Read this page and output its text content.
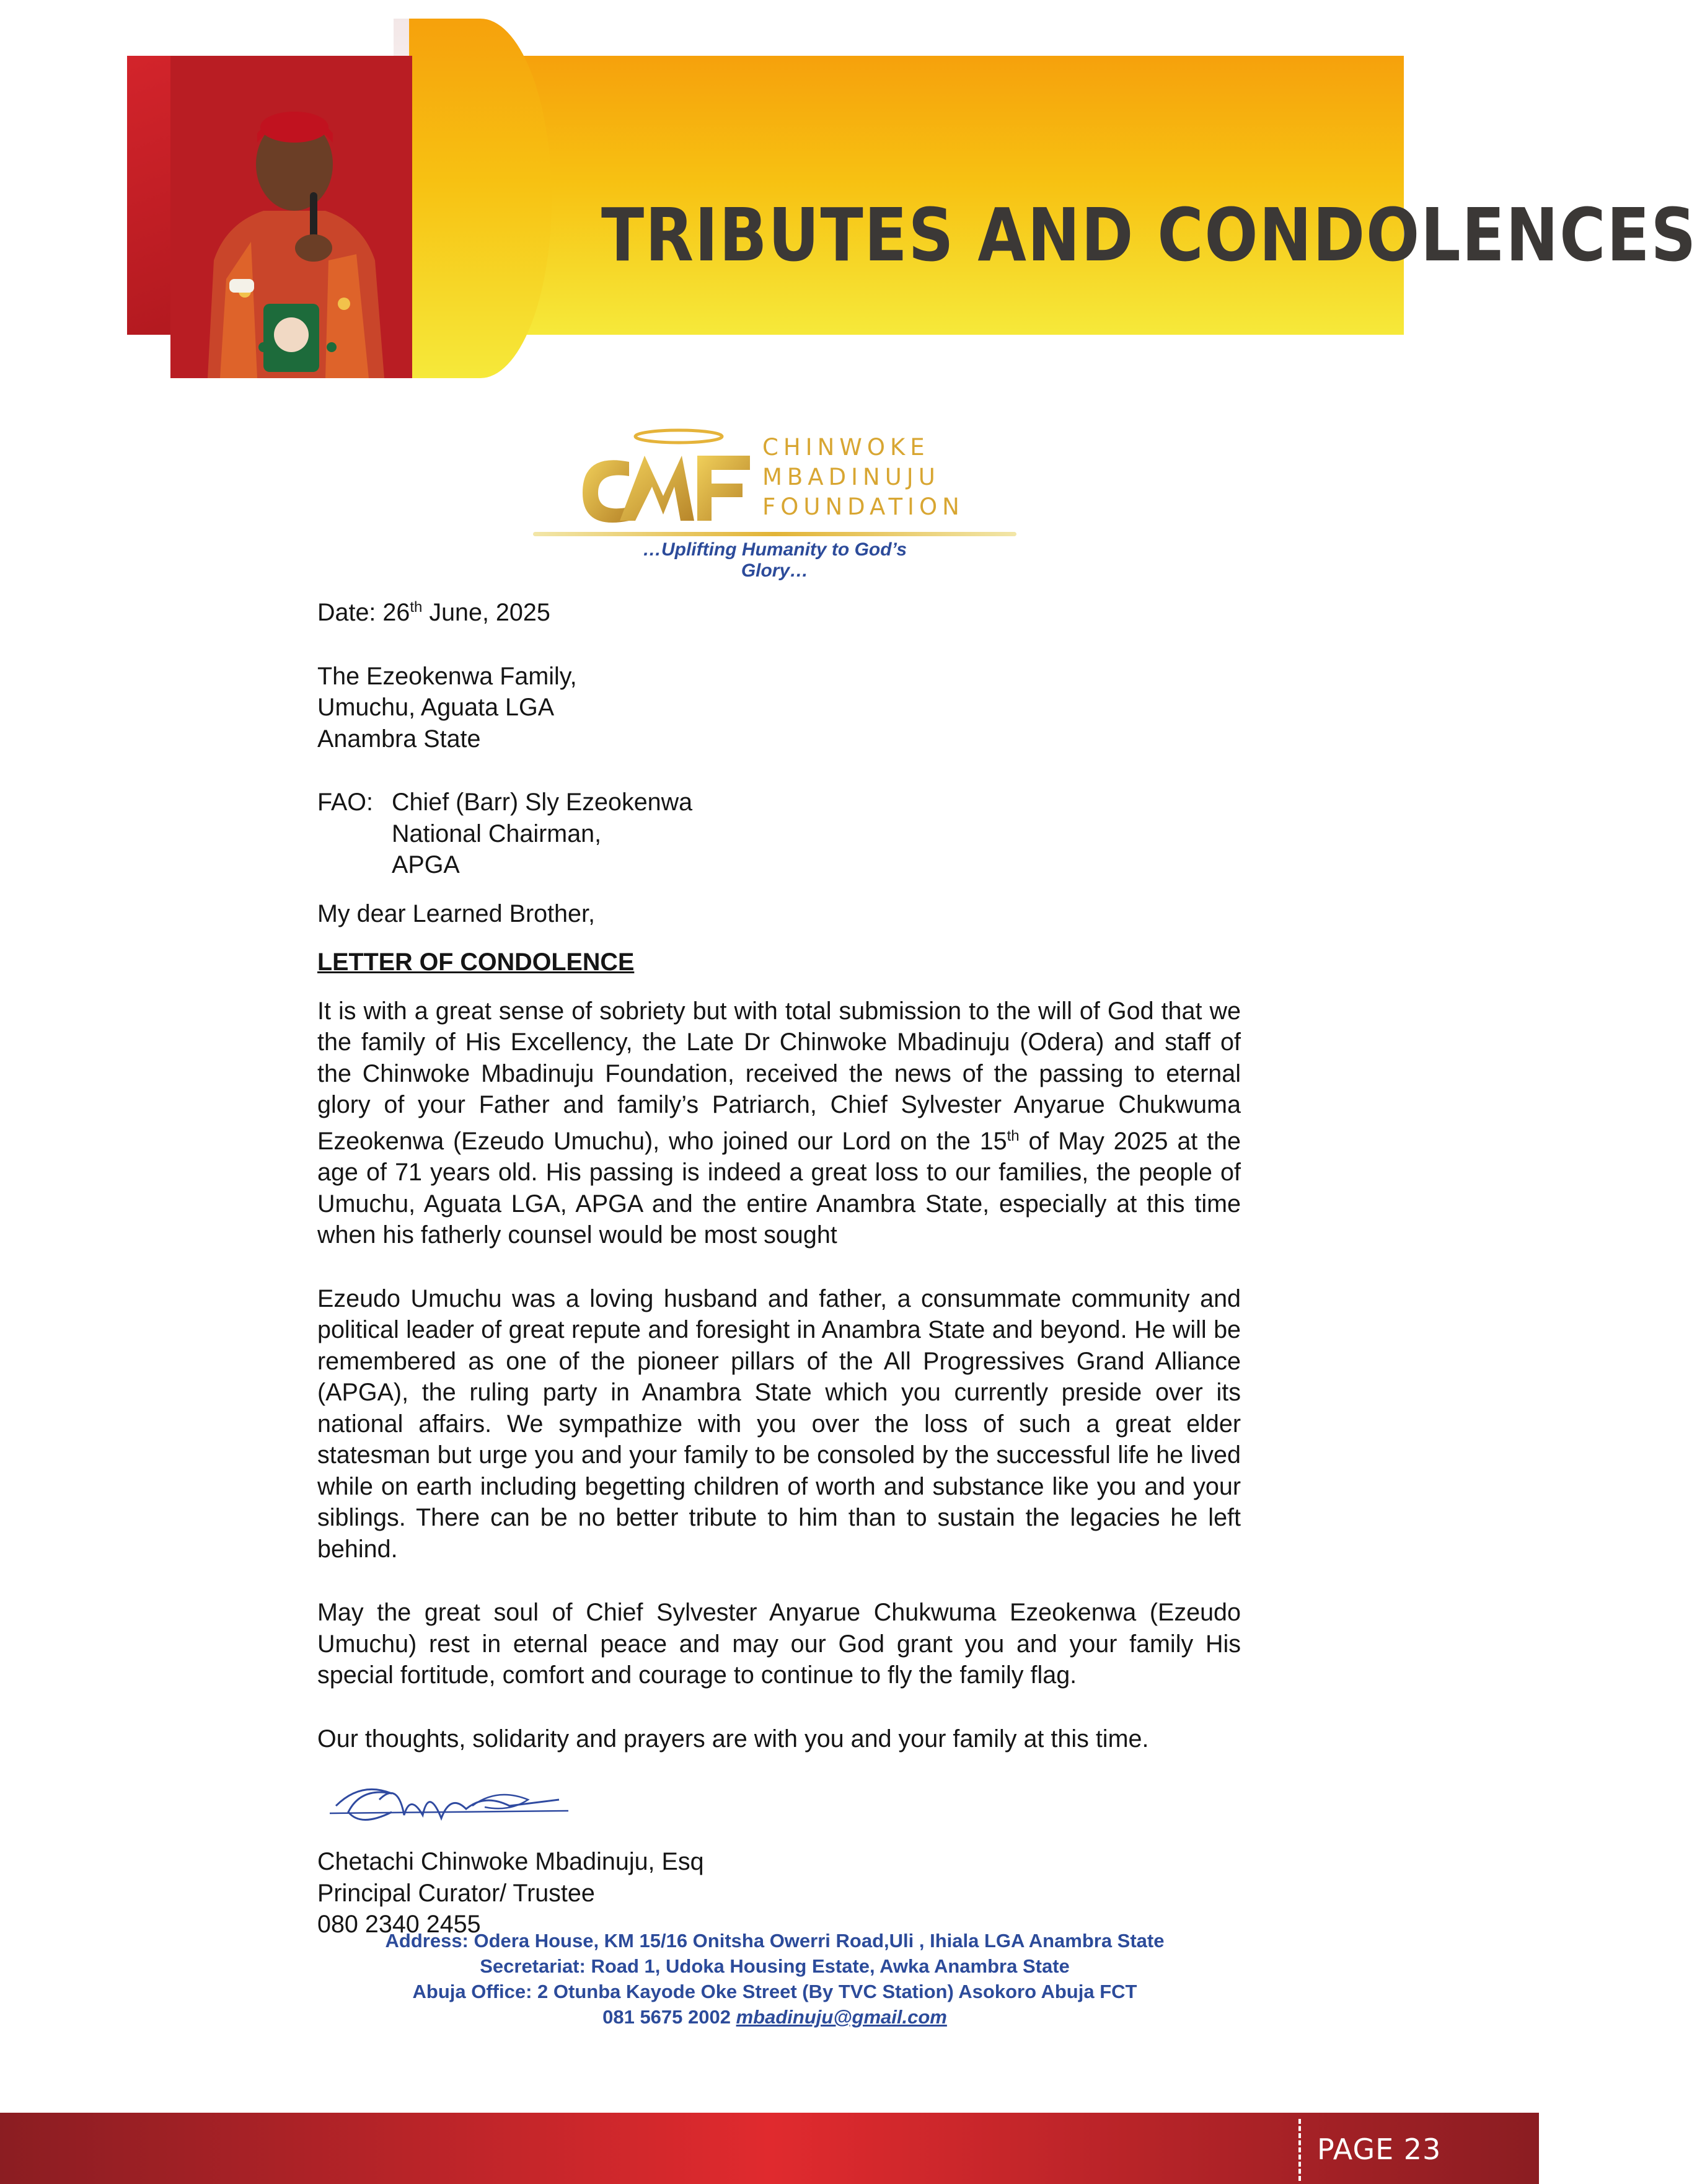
TRIBUTES AND CONDOLENCES
CHINWOKE
MBADINUJU
FOUNDATION
…Uplifting Humanity to God’s Glory…

Date: 26th June, 2025

The Ezeokenwa Family,

Umuchu, Aguata LGA

Anambra State

FAO: Chief (Barr) Sly Ezeokenwa

National Chairman,

APGA

My dear Learned Brother,

LETTER OF CONDOLENCE

It is with a great sense of sobriety but with total submission to the will of God that we the family of His Excellency, the Late Dr Chinwoke Mbadinuju (Odera) and staff of the Chinwoke Mbadinuju Foundation, received the news of the passing to eternal glory of your Father and family’s Patriarch, Chief Sylvester Anyarue Chukwuma Ezeokenwa (Ezeudo Umuchu), who joined our Lord on the 15th of May 2025 at the age of 71 years old. His passing is indeed a great loss to our families, the people of Umuchu, Aguata LGA, APGA and the entire Anambra State, especially at this time when his fatherly counsel would be most sought

Ezeudo Umuchu was a loving husband and father, a consummate community and political leader of great repute and foresight in Anambra State and beyond. He will be remembered as one of the pioneer pillars of the All Progressives Grand Alliance (APGA), the ruling party in Anambra State which you currently preside over its national affairs. We sympathize with you over the loss of such a great elder statesman but urge you and your family to be consoled by the successful life he lived while on earth including begetting children of worth and substance like you and your siblings. There can be no better tribute to him than to sustain the legacies he left behind.

May the great soul of Chief Sylvester Anyarue Chukwuma Ezeokenwa (Ezeudo Umuchu) rest in eternal peace and may our God grant you and your family His special fortitude, comfort and courage to continue to fly the family flag.

Our thoughts, solidarity and prayers are with you and your family at this time.

Chetachi Chinwoke Mbadinuju, Esq

Principal Curator/ Trustee

080 2340 2455

Address: Odera House, KM 15/16 Onitsha Owerri Road,Uli , Ihiala LGA Anambra State
Secretariat: Road 1, Udoka Housing Estate, Awka Anambra State
Abuja Office: 2 Otunba Kayode Oke Street (By TVC Station) Asokoro Abuja FCT
081 5675 2002 mbadinuju@gmail.com
PAGE 23
